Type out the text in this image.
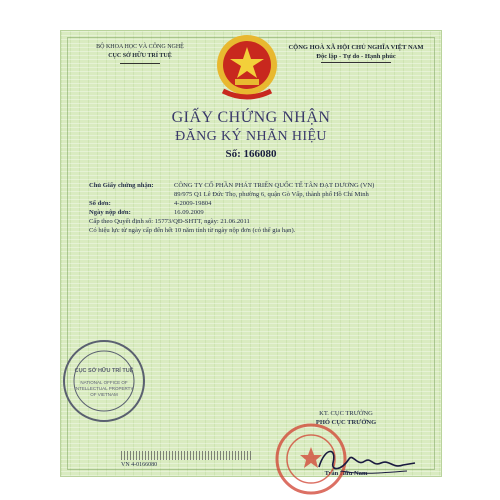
BỘ KHOA HỌC VÀ CÔNG NGHỆ
CỤC SỞ HỮU TRÍ TUỆ
CỘNG HOÀ XÃ HỘI CHỦ NGHĨA VIỆT NAM
Độc lập - Tự do - Hạnh phúc
GIẤY CHỨNG NHẬN
ĐĂNG KÝ NHÃN HIỆU
Số: 166080
Chủ Giấy chứng nhận:	CÔNG TY CỔ PHẦN PHÁT TRIỂN QUỐC TẾ TÂN ĐẠT DƯƠNG (VN)
89/975 Q1 Lê Đức Thọ, phường 6, quận Gò Vấp, thành phố Hồ Chí Minh
Số đơn:	4-2009-19804
Ngày nộp đơn:	16.09.2009
Cấp theo Quyết định số: 15773/QĐ-SHTT, ngày: 21.06.2011
Có hiệu lực từ ngày cấp đến hết 10 năm tính từ ngày nộp đơn (có thể gia hạn).
CỤC SỞ HỮU TRÍ TUỆ
NATIONAL OFFICE OF
INTELLECTUAL PROPERTY
OF VIETNAM
KT. CỤC TRƯỞNG
PHÓ CỤC TRƯỞNG
Trần Hữu Nam
VN 4-0166080
